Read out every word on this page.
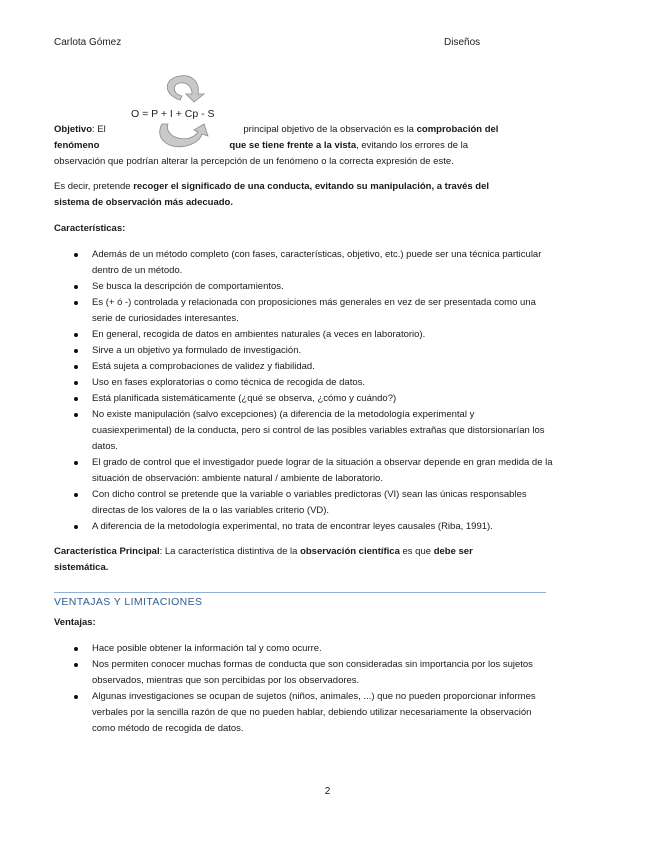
Carlota Gómez	Diseños
O = P + I + Cp - S

Objetivo: El	principal objetivo de la observación es la comprobación del

fenómeno	que se tiene frente a la vista, evitando los errores de la

observación que podrían alterar la percepción de un fenómeno o la correcta expresión de este.

Es decir, pretende recoger el significado de una conducta, evitando su manipulación, a través del

sistema de observación más adecuado.

Características:

Además de un método completo (con fases, características, objetivo, etc.) puede ser una técnica particular dentro de un método.
Se busca la descripción de comportamientos.
Es (+ ó -) controlada y relacionada con proposiciones más generales en vez de ser presentada como una serie de curiosidades interesantes.
En general, recogida de datos en ambientes naturales (a veces en laboratorio).
Sirve a un objetivo ya formulado de investigación.
Está sujeta a comprobaciones de validez y fiabilidad.
Uso en fases exploratorias o como técnica de recogida de datos.
Está planificada sistemáticamente (¿qué se observa, ¿cómo y cuándo?)
No existe manipulación (salvo excepciones) (a diferencia de la metodología experimental y cuasiexperimental) de la conducta, pero si control de las posibles variables extrañas que distorsionarían los datos.
El grado de control que el investigador puede lograr de la situación a observar depende en gran medida de la situación de observación: ambiente natural / ambiente de laboratorio.
Con dicho control se pretende que la variable o variables predictoras (VI) sean las únicas responsables directas de los valores de la o las variables criterio (VD).
A diferencia de la metodología experimental, no trata de encontrar leyes causales (Riba, 1991).

Característica Principal: La característica distintiva de la observación científica es que debe ser

sistemática.

VENTAJAS Y LIMITACIONES

Ventajas:

Hace posible obtener la información tal y como ocurre.
Nos permiten conocer muchas formas de conducta que son consideradas sin importancia por los sujetos observados, mientras que son percibidas por los observadores.
Algunas investigaciones se ocupan de sujetos (niños, animales, ...) que no pueden proporcionar informes verbales por la sencilla razón de que no pueden hablar, debiendo utilizar necesariamente la observación como método de recogida de datos.
2
